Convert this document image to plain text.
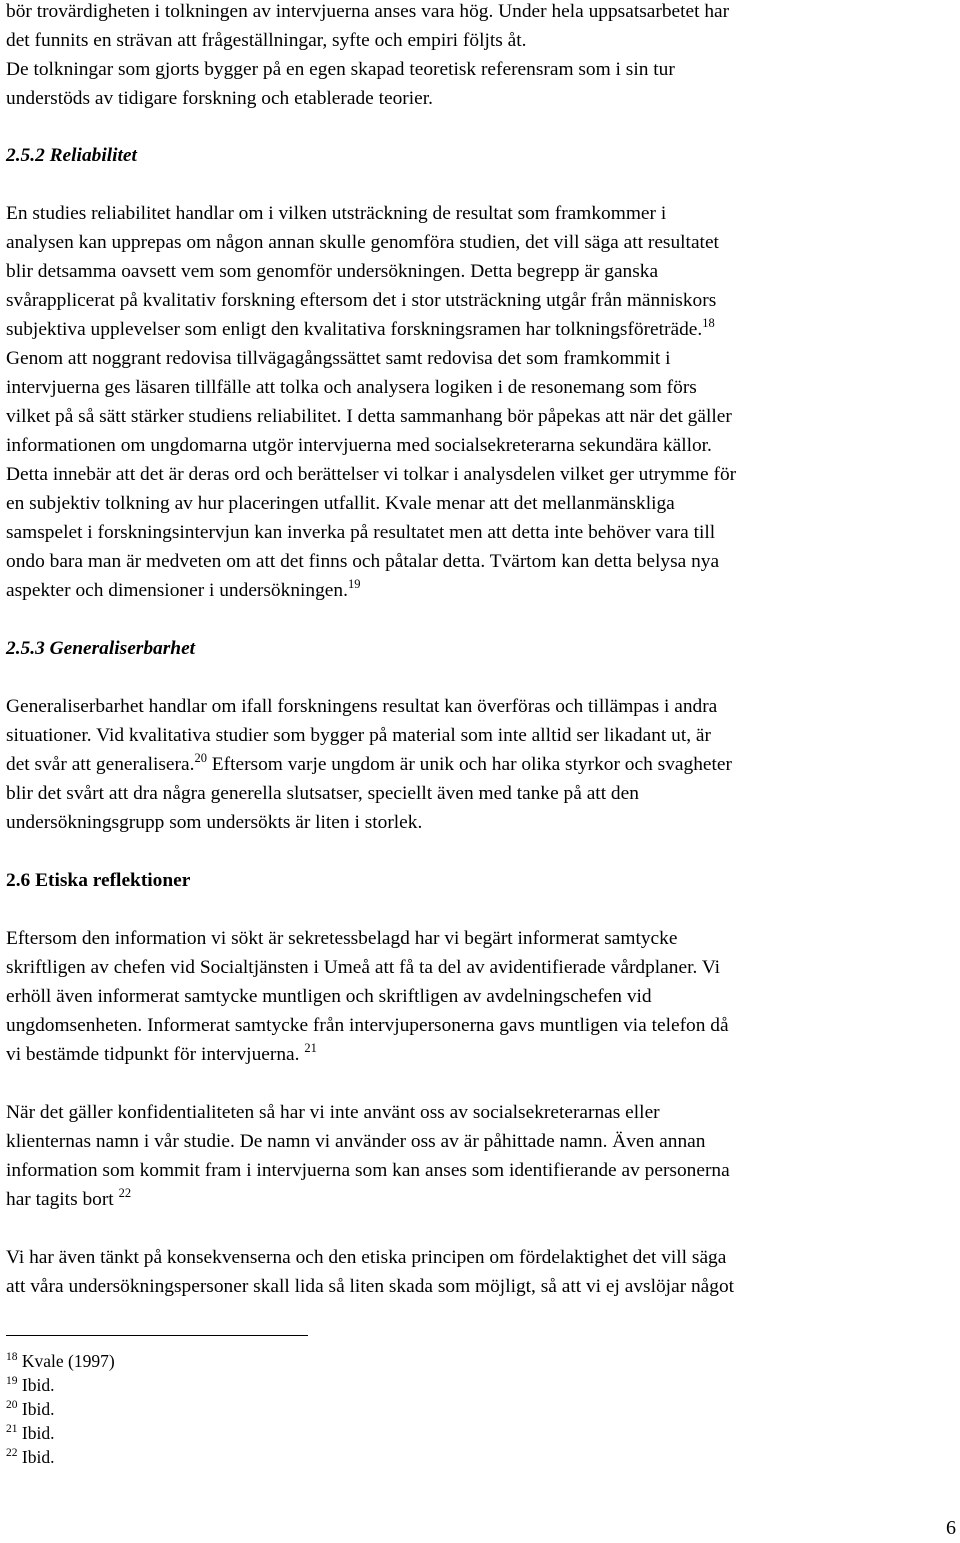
bör trovärdigheten i tolkningen av intervjuerna anses vara hög. Under hela uppsatsarbetet har

det funnits en strävan att frågeställningar, syfte och empiri följts åt.

De tolkningar som gjorts bygger på en egen skapad teoretisk referensram som i sin tur

understöds av tidigare forskning och etablerade teorier.

2.5.2 Reliabilitet

En studies reliabilitet handlar om i vilken utsträckning de resultat som framkommer i

analysen kan upprepas om någon annan skulle genomföra studien, det vill säga att resultatet

blir detsamma oavsett vem som genomför undersökningen. Detta begrepp är ganska

svårapplicerat på kvalitativ forskning eftersom det i stor utsträckning utgår från människors

subjektiva upplevelser som enligt den kvalitativa forskningsramen har tolkningsföreträde.$^{18}$

Genom att noggrant redovisa tillvägagångssättet samt redovisa det som framkommit i

intervjuerna ges läsaren tillfälle att tolka och analysera logiken i de resonemang som förs

vilket på så sätt stärker studiens reliabilitet. I detta sammanhang bör påpekas att när det gäller

informationen om ungdomarna utgör intervjuerna med socialsekreterarna sekundära källor.

Detta innebär att det är deras ord och berättelser vi tolkar i analysdelen vilket ger utrymme för

en subjektiv tolkning av hur placeringen utfallit. Kvale menar att det mellanmänskliga

samspelet i forskningsintervjun kan inverka på resultatet men att detta inte behöver vara till

ondo bara man är medveten om att det finns och påtalar detta. Tvärtom kan detta belysa nya

aspekter och dimensioner i undersökningen.$^{19}$

2.5.3 Generaliserbarhet

Generaliserbarhet handlar om ifall forskningens resultat kan överföras och tillämpas i andra

situationer. Vid kvalitativa studier som bygger på material som inte alltid ser likadant ut, är

det svår att generalisera.$^{20}$ Eftersom varje ungdom är unik och har olika styrkor och svagheter

blir det svårt att dra några generella slutsatser, speciellt även med tanke på att den

undersökningsgrupp som undersökts är liten i storlek.

2.6 Etiska reflektioner

Eftersom den information vi sökt är sekretessbelagd har vi begärt informerat samtycke

skriftligen av chefen vid Socialtjänsten i Umeå att få ta del av avidentifierade vårdplaner. Vi

erhöll även informerat samtycke muntligen och skriftligen av avdelningschefen vid

ungdomsenheten. Informerat samtycke från intervjupersonerna gavs muntligen via telefon då

vi bestämde tidpunkt för intervjuerna. $^{21}$

När det gäller konfidentialiteten så har vi inte använt oss av socialsekreterarnas eller

klienternas namn i vår studie. De namn vi använder oss av är påhittade namn. Även annan

information som kommit fram i intervjuerna som kan anses som identifierande av personerna

har tagits bort $^{22}$

Vi har även tänkt på konsekvenserna och den etiska principen om fördelaktighet det vill säga

att våra undersökningspersoner skall lida så liten skada som möjligt, så att vi ej avslöjar något

$^{18}$ Kvale (1997)
$^{19}$ Ibid.
$^{20}$ Ibid.
$^{21}$ Ibid.
$^{22}$ Ibid.
6
